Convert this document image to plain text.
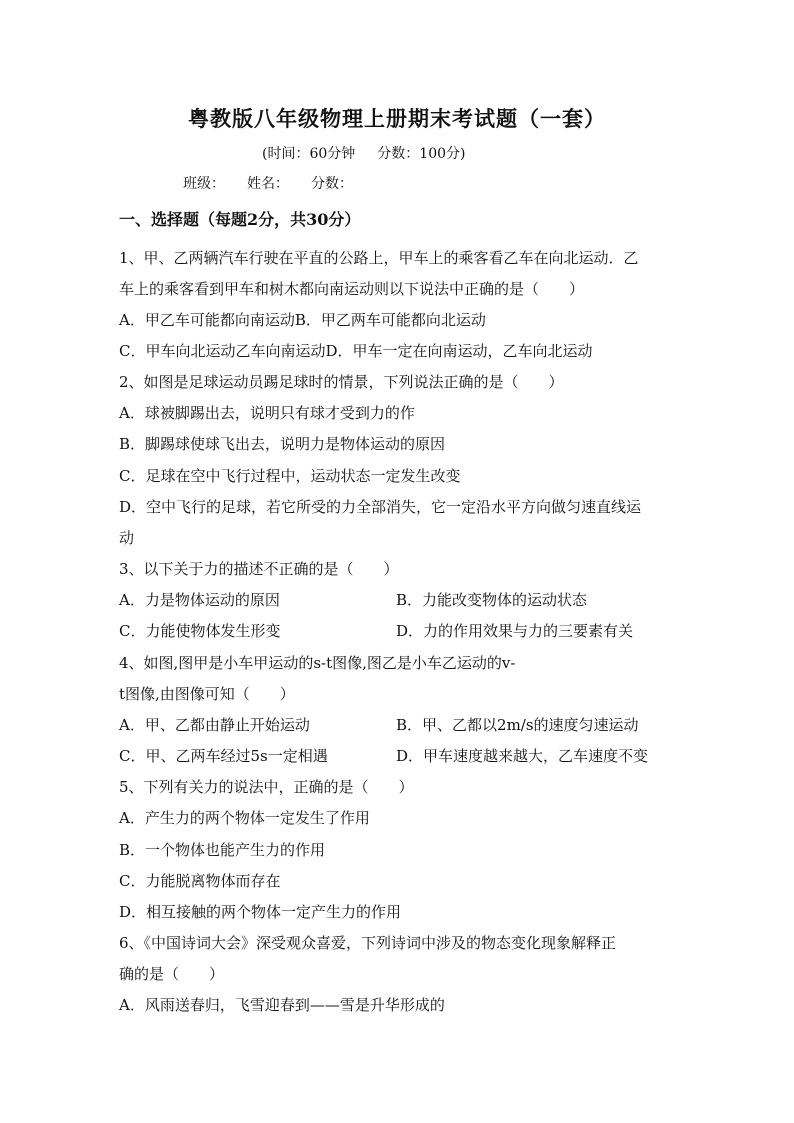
粤教版八年级物理上册期末考试题（一套）
(时间：60分钟 分数：100分)
班级： 姓名： 分数：
一、选择题（每题2分，共30分）

1、甲、乙两辆汽车行驶在平直的公路上，甲车上的乘客看乙车在向北运动．乙

车上的乘客看到甲车和树木都向南运动则以下说法中正确的是（　　）

A．甲乙车可能都向南运动B．甲乙两车可能都向北运动

C．甲车向北运动乙车向南运动D．甲车一定在向南运动，乙车向北运动

2、如图是足球运动员踢足球时的情景，下列说法正确的是（　　）

A．球被脚踢出去，说明只有球才受到力的作

B．脚踢球使球飞出去，说明力是物体运动的原因

C．足球在空中飞行过程中，运动状态一定发生改变

D．空中飞行的足球，若它所受的力全部消失，它一定沿水平方向做匀速直线运

动

3、以下关于力的描述不正确的是（　　）

A．力是物体运动的原因	B．力能改变物体的运动状态

C．力能使物体发生形变	D．力的作用效果与力的三要素有关

4、如图,图甲是小车甲运动的s-t图像,图乙是小车乙运动的v-

t图像,由图像可知（　　）

A．甲、乙都由静止开始运动	B．甲、乙都以2m/s的速度匀速运动

C．甲、乙两车经过5s一定相遇	D．甲车速度越来越大，乙车速度不变

5、下列有关力的说法中，正确的是（　　）

A．产生力的两个物体一定发生了作用

B．一个物体也能产生力的作用

C．力能脱离物体而存在

D．相互接触的两个物体一定产生力的作用

6、《中国诗词大会》深受观众喜爱，下列诗词中涉及的物态变化现象解释正

确的是（　　）

A．风雨送春归，飞雪迎春到——雪是升华形成的
